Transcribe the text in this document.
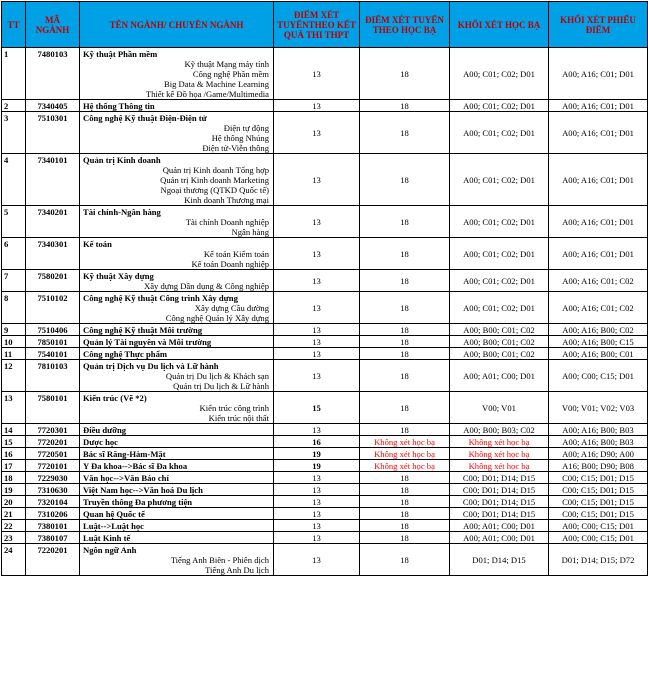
TT	MÃ NGÀNH	TÊN NGÀNH/ CHUYÊN NGÀNH	ĐIỂM XÉT TUYỂNTHEO KẾT QUẢ THI THPT	ĐIỂM XÉT TUYỂN THEO HỌC BẠ	KHỐI XÉT HỌC BẠ	KHỐI XÉT PHIẾU ĐIỂM
1	7480103	Kỹ thuật Phần mềm
Kỹ thuật Mạng máy tính
Công nghệ Phần mềm
Big Data & Machine Learning
Thiết kế Đồ họa /Game/Multimedia	13	18	A00; C01; C02; D01	A00; A16; C01; D01
2	7340405	Hệ thống Thông tin	13	18	A00; C01; C02; D01	A00; A16; C01; D01
3	7510301	Công nghệ Kỹ thuật Điện-Điện tử
Điện tự động
Hệ thống Nhúng
Điện tử-Viễn thông	13	18	A00; C01; C02; D01	A00; A16; C01; D01
4	7340101	Quản trị Kinh doanh
Quản trị Kinh doanh Tổng hợp
Quản trị Kinh doanh Marketing
Ngoại thương (QTKD Quốc tế)
Kinh doanh Thương mại	13	18	A00; C01; C02; D01	A00; A16; C01; D01
5	7340201	Tài chính-Ngân hàng
Tài chính Doanh nghiệp
Ngân hàng	13	18	A00; C01; C02; D01	A00; A16; C01; D01
6	7340301	Kế toán
Kế toán Kiểm toán
Kế toán Doanh nghiệp	13	18	A00; C01; C02; D01	A00; A16; C01; D01
7	7580201	Kỹ thuật Xây dựng
Xây dựng Dân dụng & Công nghiệp	13	18	A00; C01; C02; D01	A00; A16; C01; C02
8	7510102	Công nghệ Kỹ thuật Công trình Xây dựng
Xây dựng Cầu đường
Công nghệ Quản lý Xây dựng	13	18	A00; C01; C02; D01	A00; A16; C01; C02
9	7510406	Công nghệ Kỹ thuật Môi trường	13	18	A00; B00; C01; C02	A00; A16; B00; C02
10	7850101	Quản lý Tài nguyên và Môi trường	13	18	A00; B00; C01; C02	A00; A16; B00; C15
11	7540101	Công nghệ Thực phẩm	13	18	A00; B00; C01; C02	A00; A16; B00; C01
12	7810103	Quản trị Dịch vụ Du lịch và Lữ hành
Quản trị Du lịch & Khách sạn
Quản trị Du lịch & Lữ hành	13	18	A00; A01; C00; D01	A00; C00; C15; D01
13	7580101	Kiến trúc (Vẽ *2)
Kiến trúc công trình
Kiến trúc nội thất	15	18	V00; V01	V00; V01; V02; V03
14	7720301	Điều dưỡng	13	18	A00; B00; B03; C02	A00; A16; B00; B03
15	7720201	Dược học	16	Không xét học bạ	Không xét học bạ	A00; A16; B00; B03
16	7720501	Bác sĩ Răng-Hàm-Mặt	19	Không xét học bạ	Không xét học bạ	A00; A16; D90; A00
17	7720101	Y Đa khoa-->Bác sĩ Đa khoa	19	Không xét học bạ	Không xét học bạ	A16; B00; D90; B08
18	7229030	Văn học-->Văn Báo chí	13	18	C00; D01; D14; D15	C00; C15; D01; D15
19	7310630	Việt Nam học-->Văn hoá Du lịch	13	18	C00; D01; D14; D15	C00; C15; D01; D15
20	7320104	Truyền thông Đa phương tiện	13	18	C00; D01; D14; D15	C00; C15; D01; D15
21	7310206	Quan hệ Quốc tế	13	18	C00; D01; D14; D15	C00; C15; D01; D15
22	7380101	Luật-->Luật học	13	18	A00; A01; C00; D01	A00; C00; C15; D01
23	7380107	Luật Kinh tế	13	18	A00; A01; C00; D01	A00; C00; C15; D01
24	7220201	Ngôn ngữ Anh
Tiếng Anh Biên - Phiên dịch
Tiếng Anh Du lịch	13	18	D01; D14; D15	D01; D14; D15; D72
